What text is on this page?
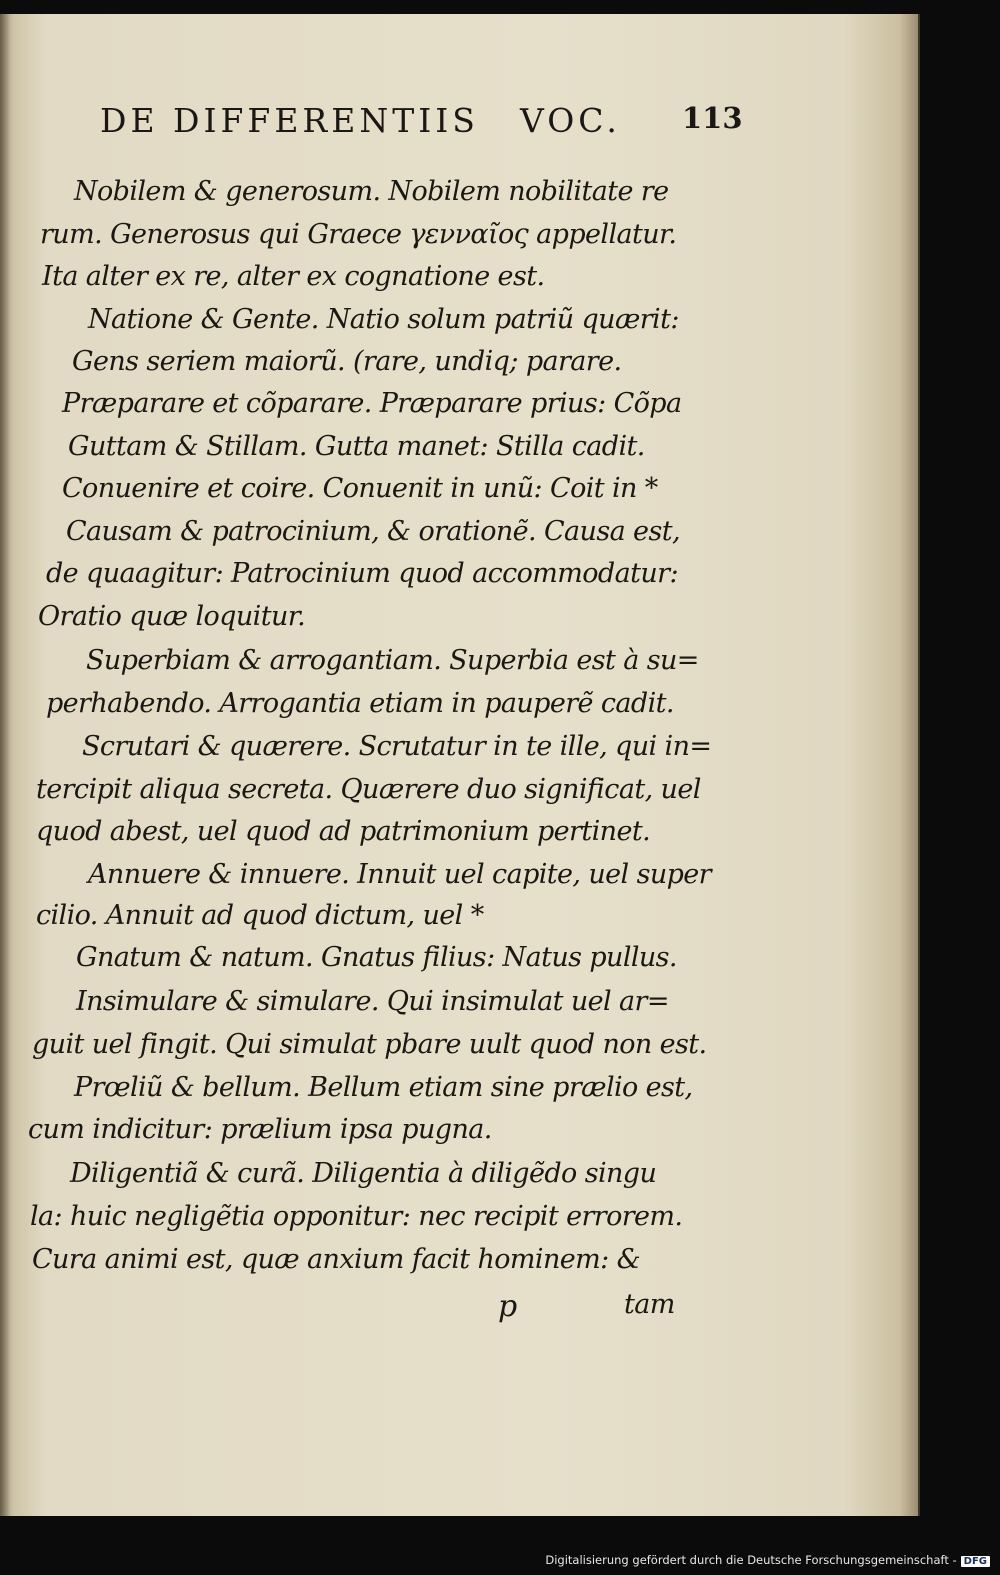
DE DIFFERENTIIS VOC. 113
Nobilem & generosum. Nobilem nobilitate re
rum. Generosus qui Graece γενναῖος appellatur.
Ita alter ex re, alter ex cognatione est.
Natione & Gente. Natio solum patriũ quærit:
Gens seriem maiorũ. (rare, undiq; parare.
Præparare et cõparare. Præparare prius: Cõpa
Guttam & Stillam. Gutta manet: Stilla cadit.
Conuenire et coire. Conuenit in unũ: Coit in *
Causam & patrocinium, & orationẽ. Causa est,
de quaagitur: Patrocinium quod accommodatur:
Oratio quæ loquitur.
Superbiam & arrogantiam. Superbia est à su=
perhabendo. Arrogantia etiam in pauperẽ cadit.
Scrutari & quærere. Scrutatur in te ille, qui in=
tercipit aliqua secreta. Quærere duo significat, uel
quod abest, uel quod ad patrimonium pertinet.
Annuere & innuere. Innuit uel capite, uel super
cilio. Annuit ad quod dictum, uel *
Gnatum & natum. Gnatus filius: Natus pullus.
Insimulare & simulare. Qui insimulat uel ar=
guit uel fingit. Qui simulat pbare uult quod non est.
Prœliũ & bellum. Bellum etiam sine prælio est,
cum indicitur: prælium ipsa pugna.
Diligentiã & curã. Diligentia à diligẽdo singu
la: huic negligẽtia opponitur: nec recipit errorem.
Cura animi est, quæ anxium facit hominem: &
p	tam
Digitalisierung gefördert durch die Deutsche Forschungsgemeinschaft - DFG
